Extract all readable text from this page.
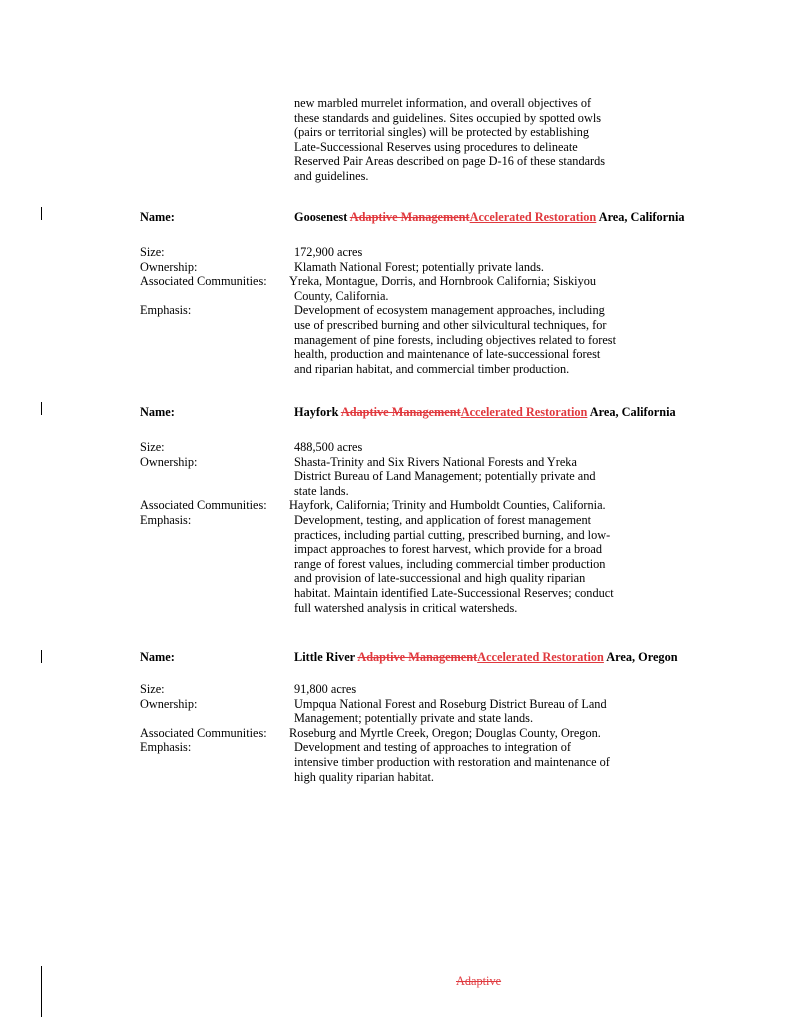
new marbled murrelet information, and overall objectives of
these standards and guidelines. Sites occupied by spotted owls
(pairs or territorial singles) will be protected by establishing
Late-Successional Reserves using procedures to delineate
Reserved Pair Areas described on page D-16 of these standards
and guidelines.
Name:	Goosenest Adaptive ManagementAccelerated Restoration Area, California
Size:	172,900 acres
Ownership:	Klamath National Forest; potentially private lands.
Associated Communities: Yreka, Montague, Dorris, and Hornbrook California; Siskiyou
County, California.
Emphasis:	Development of ecosystem management approaches, including
use of prescribed burning and other silvicultural techniques, for
management of pine forests, including objectives related to forest
health, production and maintenance of late-successional forest
and riparian habitat, and commercial timber production.
Name:	Hayfork Adaptive ManagementAccelerated Restoration Area, California
Size:	488,500 acres
Ownership:	Shasta-Trinity and Six Rivers National Forests and Yreka
District Bureau of Land Management; potentially private and
state lands.
Associated Communities: Hayfork, California; Trinity and Humboldt Counties, California.
Emphasis:	Development, testing, and application of forest management
practices, including partial cutting, prescribed burning, and low-
impact approaches to forest harvest, which provide for a broad
range of forest values, including commercial timber production
and provision of late-successional and high quality riparian
habitat. Maintain identified Late-Successional Reserves; conduct
full watershed analysis in critical watersheds.
Name:	Little River Adaptive ManagementAccelerated Restoration Area, Oregon
Size:	91,800 acres
Ownership:	Umpqua National Forest and Roseburg District Bureau of Land
Management; potentially private and state lands.
Associated Communities: Roseburg and Myrtle Creek, Oregon; Douglas County, Oregon.
Emphasis:	Development and testing of approaches to integration of
intensive timber production with restoration and maintenance of
high quality riparian habitat.
Adaptive
